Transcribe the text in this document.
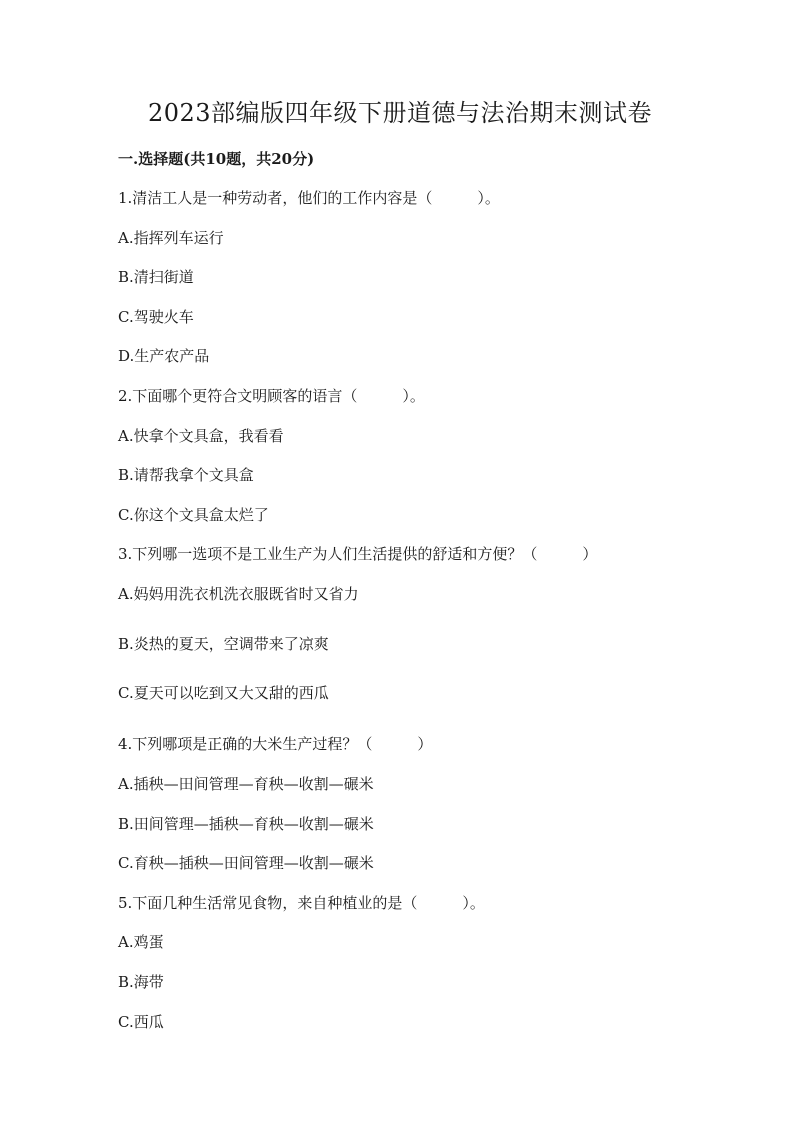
2023部编版四年级下册道德与法治期末测试卷
一.选择题(共10题，共20分)
1.清洁工人是一种劳动者，他们的工作内容是（　　　）。
A.指挥列车运行
B.清扫街道
C.驾驶火车
D.生产农产品
2.下面哪个更符合文明顾客的语言（　　　）。
A.快拿个文具盒，我看看
B.请帮我拿个文具盒
C.你这个文具盒太烂了
3.下列哪一选项不是工业生产为人们生活提供的舒适和方便？（　　　）
A.妈妈用洗衣机洗衣服既省时又省力
B.炎热的夏天，空调带来了凉爽
C.夏天可以吃到又大又甜的西瓜
4.下列哪项是正确的大米生产过程？（　　　）
A.插秧—田间管理—育秧—收割—碾米
B.田间管理—插秧—育秧—收割—碾米
C.育秧—插秧—田间管理—收割—碾米
5.下面几种生活常见食物，来自种植业的是（　　　）。
A.鸡蛋
B.海带
C.西瓜
